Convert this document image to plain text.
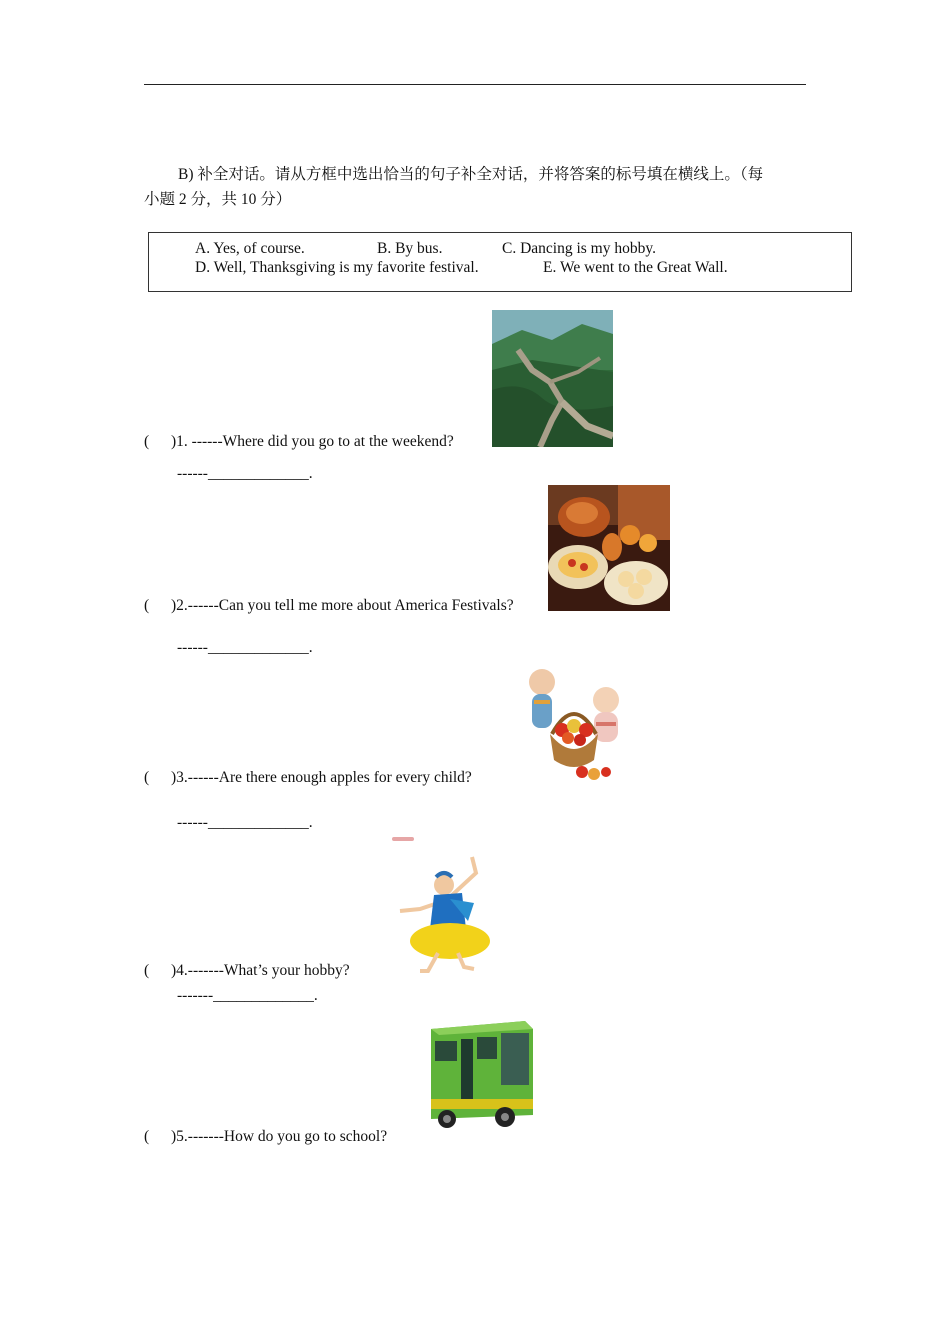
B) 补全对话。请从方框中选出恰当的句子补全对话，并将答案的标号填在横线上。（每
小题 2 分，共 10 分）
A. Yes, of course.	B. By bus.	C. Dancing is my hobby.
D. Well, Thanksgiving is my favorite festival.	E. We went to the Great Wall.
( )1. ------Where did you go to at the weekend?
------_____________.
( )2.------Can you tell me more about America Festivals?
------_____________.
( )3.------Are there enough apples for every child?
------_____________.
( )4.-------What’s your hobby?
-------_____________.
( )5.-------How do you go to school?
